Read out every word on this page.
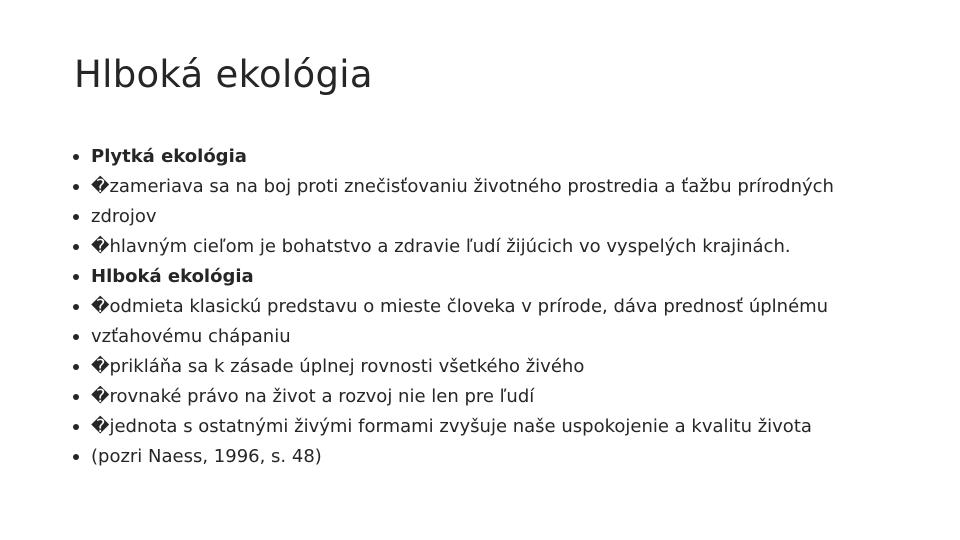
Hlboká ekológia
Plytká ekológia
�zameriava sa na boj proti znečisťovaniu životného prostredia a ťažbu prírodných
zdrojov
�hlavným cieľom je bohatstvo a zdravie ľudí žijúcich vo vyspelých krajinách.
Hlboká ekológia
�odmieta klasickú predstavu o mieste človeka v prírode, dáva prednosť úplnému
vzťahovému chápaniu
�prikláňa sa k zásade úplnej rovnosti všetkého živého
�rovnaké právo na život a rozvoj nie len pre ľudí
�jednota s ostatnými živými formami zvyšuje naše uspokojenie a kvalitu života
(pozri Naess, 1996, s. 48)
